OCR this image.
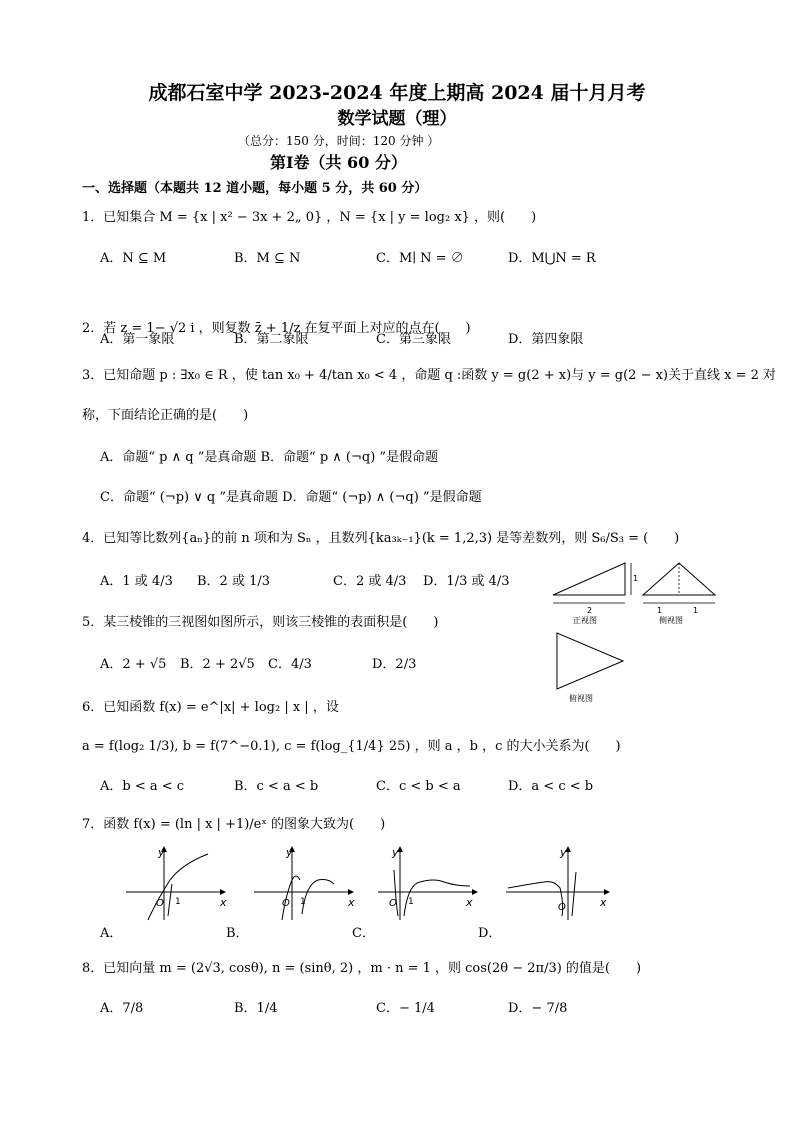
成都石室中学 2023-2024 年度上期高 2024 届十月月考
数学试题（理）
（总分：150 分，时间：120 分钟 ）
第Ⅰ卷（共 60 分）
一、选择题（本题共 12 道小题，每小题 5 分，共 60 分）
1．已知集合 M = {x | x² − 3x + 2„ 0} ，N = {x | y = log₂ x} ，则(　　)
A．N ⊆ M	B．M ⊆ N	C．M∣ N = ∅	D．M⋃N = R
2．若 z = 1− √2 i ，则复数 z̄ + 1/z 在复平面上对应的点在(　　)
A．第一象限	B．第二象限	C．第三象限	D．第四象限
3．已知命题 p : ∃x₀ ∈ R ，使 tan x₀ + 4/tan x₀ < 4 ，命题 q :函数 y = g(2 + x)与 y = g(2 − x)关于直线 x = 2 对
称，下面结论正确的是(　　)
A．命题“ p ∧ q ”是真命题 B．命题“ p ∧ (¬q) ”是假命题
C．命题“ (¬p) ∨ q ”是真命题 D．命题“ (¬p) ∧ (¬q) ”是假命题
4．已知等比数列{aₙ}的前 n 项和为 Sₙ ，且数列{ka₃ₖ₋₁}(k = 1,2,3) 是等差数列，则 S₆/S₃ = (　　)
A．1 或 4/3 B．2 或 1/3	C．2 或 4/3 D．1/3 或 4/3
2
1
正视图
1	1
侧视图
俯视图
5．某三棱锥的三视图如图所示，则该三棱锥的表面积是(　　)
A．2 + √5 B．2 + 2√5 C．4/3	D．2/3
6．已知函数 f(x) = e^|x| + log₂ | x | ，设
a = f(log₂ 1/3), b = f(7^−0.1), c = f(log_{1/4} 25) ，则 a ，b ，c 的大小关系为(　　)
A．b < a < c	B．c < a < b	C．c < b < a	D．a < c < b
7．函数 f(x) = (ln | x | +1)/eˣ 的图象大致为(　　)
x
y
O 1
A．
x
y
O 1
B．
x
y
O 1
C．
x
y
O
D．
8．已知向量 m = (2√3, cosθ), n = (sinθ, 2) ，m · n = 1 ，则 cos(2θ − 2π/3) 的值是(　　)
A．7/8	B．1/4	C．− 1/4	D．− 7/8
